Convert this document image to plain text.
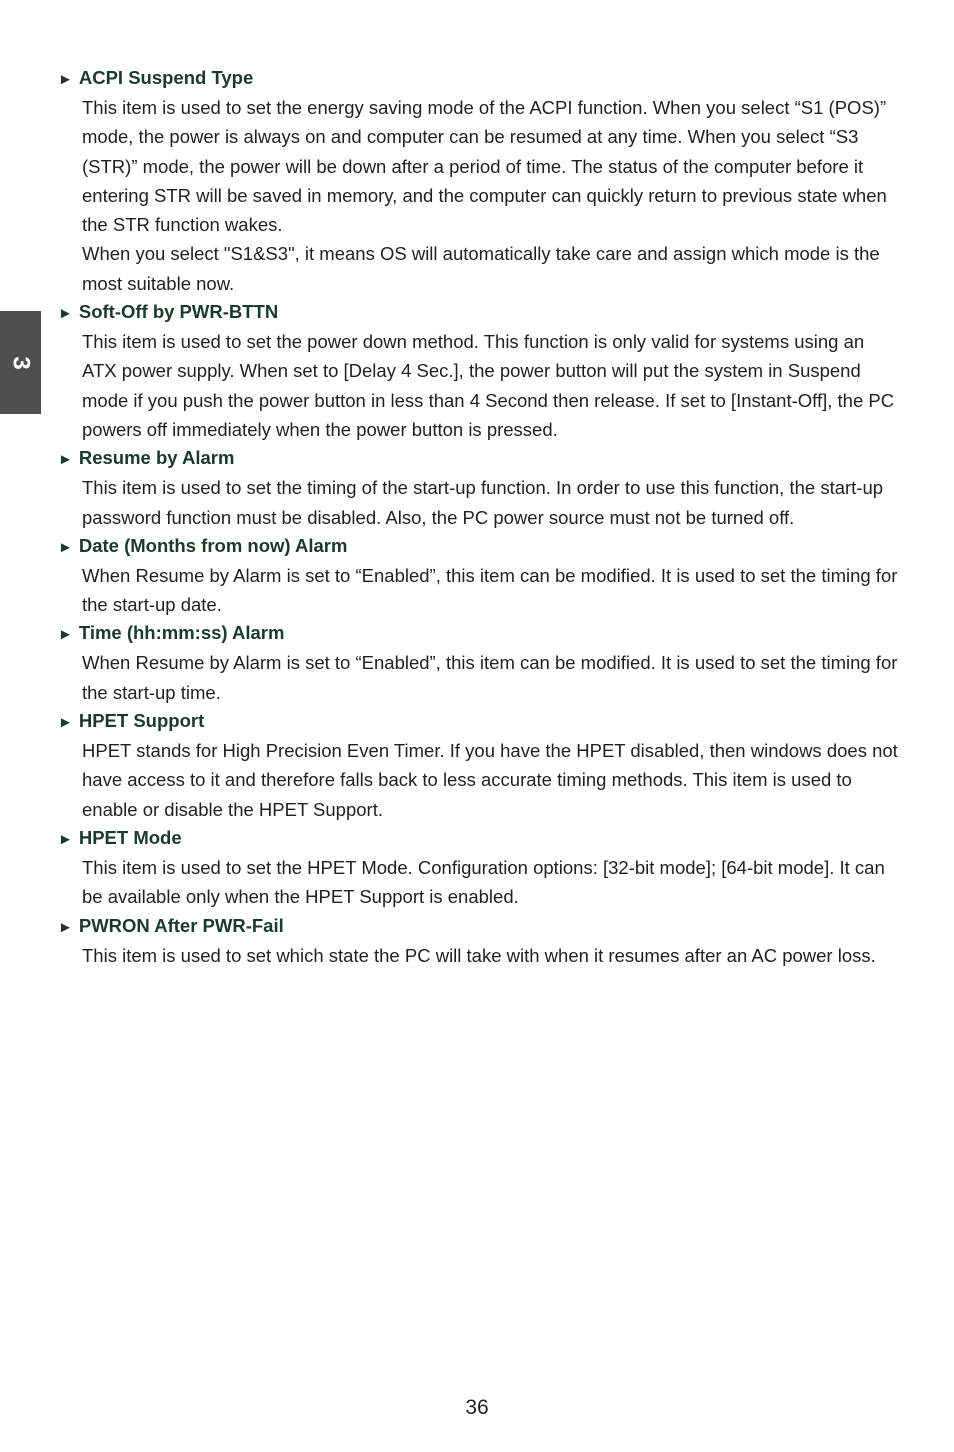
3
► ACPI Suspend Type

This item is used to set the energy saving mode of the ACPI function. When you select “S1 (POS)” mode, the power is always on and computer can be resumed at any time. When you select “S3 (STR)” mode, the power will be down after a period of time. The status of the computer before it entering STR will be saved in memory, and the computer can quickly return to previous state when the STR function wakes.

When you select "S1&S3", it means OS will automatically take care and assign which mode is the most suitable now.

► Soft-Off by PWR-BTTN

This item is used to set the power down method. This function is only valid for systems using an ATX power supply. When set to [Delay 4 Sec.], the power button will put the system in Suspend mode if you push the power button in less than 4 Second then release. If set to [Instant-Off], the PC powers off immediately when the power button is pressed.

► Resume by Alarm

This item is used to set the timing of the start-up function. In order to use this function, the start-up password function must be disabled. Also, the PC power source must not be turned off.

► Date (Months from now) Alarm

When Resume by Alarm is set to “Enabled”, this item can be modified. It is used to set the timing for the start-up date.

► Time (hh:mm:ss) Alarm

When Resume by Alarm is set to “Enabled”, this item can be modified. It is used to set the timing for the start-up time.

► HPET Support

HPET stands for High Precision Even Timer. If you have the HPET disabled, then windows does not have access to it and therefore falls back to less accurate timing methods. This item is used to enable or disable the HPET Support.

► HPET Mode

This item is used to set the HPET Mode. Configuration options: [32-bit mode]; [64-bit mode]. It can be available only when the HPET Support is enabled.

► PWRON After PWR-Fail

This item is used to set which state the PC will take with when it resumes after an AC power loss.

36
